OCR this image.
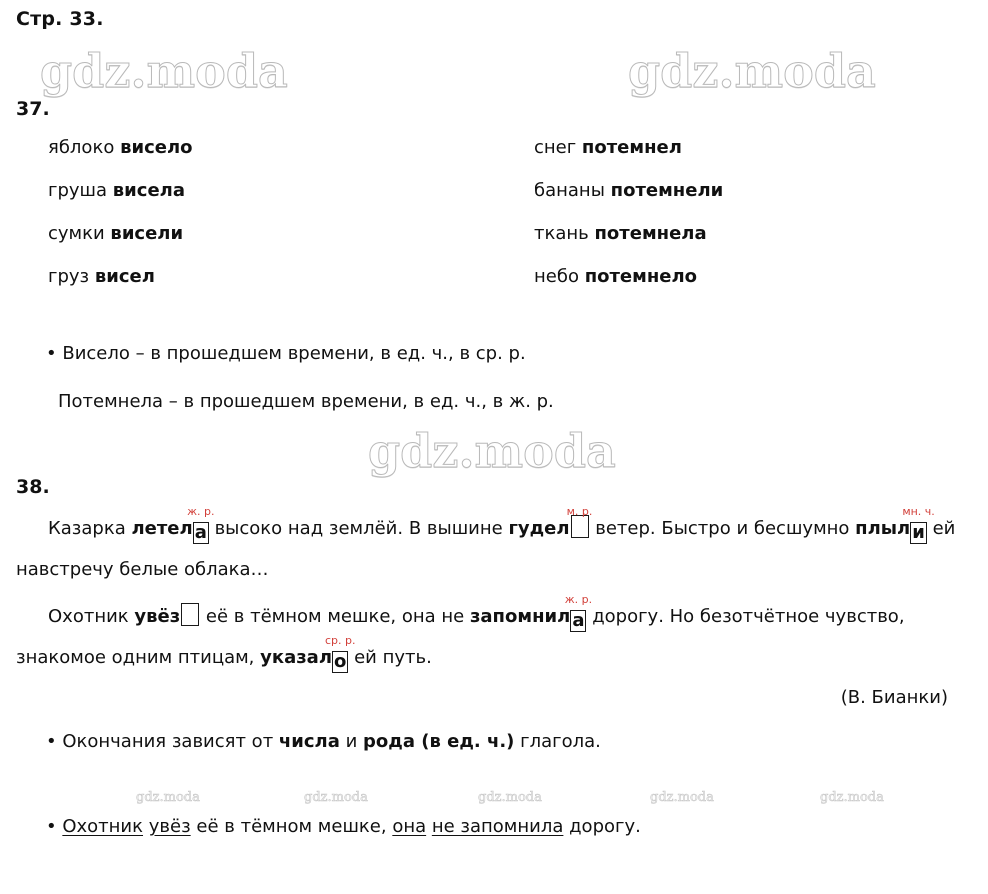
Стр. 33.
gdz.moda	gdz.moda
gdz.moda
37.
яблоко висело
груша висела
сумки висели
груз висел
снег потемнел
бананы потемнели
ткань потемнела
небо потемнело
• Висело – в прошедшем времени, в ед. ч., в ср. р.
Потемнела – в прошедшем времени, в ед. ч., в ж. р.
38.
Казарка летел
ж. р.
а высоко над землёй. В вышине гудел
м. р.
ветер. Быстро и бесшумно плыл
мн. ч.
и ей навстречу белые облака…
Охотник увёз её в тёмном мешке, она не запомнил
ж. р.
а дорогу. Но безотчётное чувство, знакомое одним птицам, указал
ср. р.
о ей путь.
(В. Бианки)
• Окончания зависят от числа и рода (в ед. ч.) глагола.
gdz.moda	gdz.moda	gdz.moda	gdz.moda	gdz.moda
• Охотник увёз её в тёмном мешке, она не запомнила дорогу.
